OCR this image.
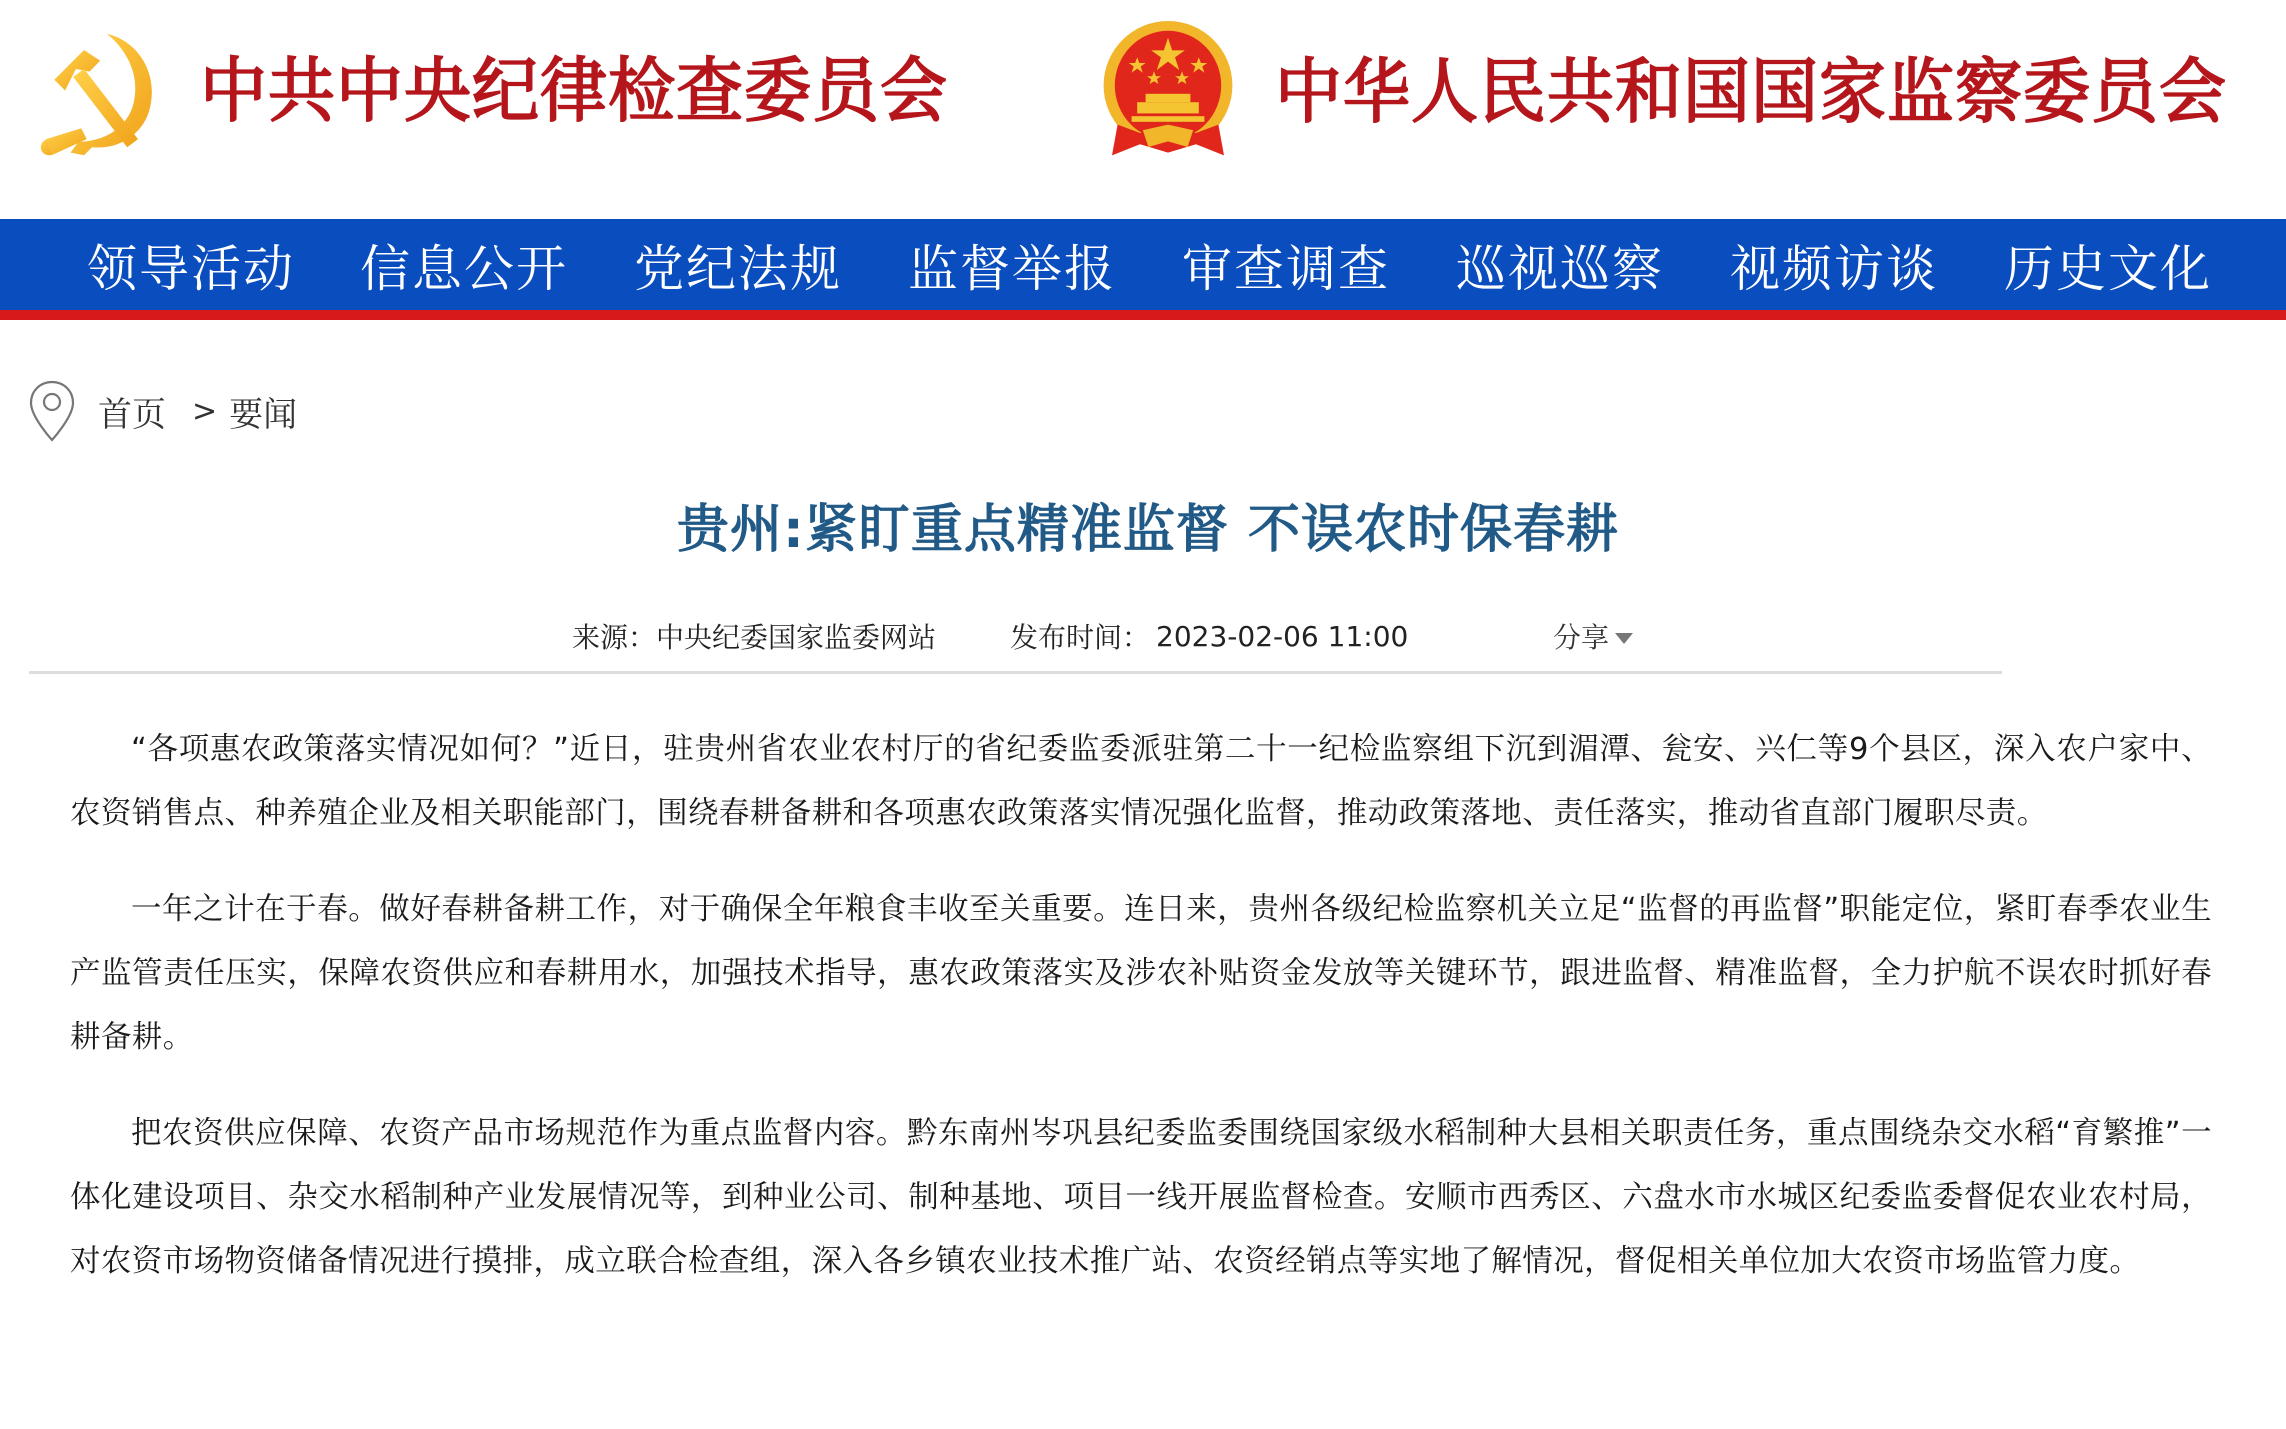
中共中央纪律检查委员会	中华人民共和国国家监察委员会
领导活动 信息公开 党纪法规 监督举报 审查调查 巡视巡察 视频访谈 历史文化
首页 > 要闻
贵州:紧盯重点精准监督 不误农时保春耕
来源： 中央纪委国家监委网站	发布时间： 2023-02-06 11:00	分享

“各项惠农政策落实情况如何？”近日，驻贵州省农业农村厅的省纪委监委派驻第二十一纪检监察组下沉到湄潭、瓮安、兴仁等9个县区，深入农户家中、农资销售点、种养殖企业及相关职能部门，围绕春耕备耕和各项惠农政策落实情况强化监督，推动政策落地、责任落实，推动省直部门履职尽责。

一年之计在于春。做好春耕备耕工作，对于确保全年粮食丰收至关重要。连日来，贵州各级纪检监察机关立足“监督的再监督”职能定位，紧盯春季农业生产监管责任压实，保障农资供应和春耕用水，加强技术指导，惠农政策落实及涉农补贴资金发放等关键环节，跟进监督、精准监督，全力护航不误农时抓好春耕备耕。

把农资供应保障、农资产品市场规范作为重点监督内容。黔东南州岑巩县纪委监委围绕国家级水稻制种大县相关职责任务，重点围绕杂交水稻“育繁推”一体化建设项目、杂交水稻制种产业发展情况等，到种业公司、制种基地、项目一线开展监督检查。安顺市西秀区、六盘水市水城区纪委监委督促农业农村局，对农资市场物资储备情况进行摸排，成立联合检查组，深入各乡镇农业技术推广站、农资经销点等实地了解情况，督促相关单位加大农资市场监管力度。
